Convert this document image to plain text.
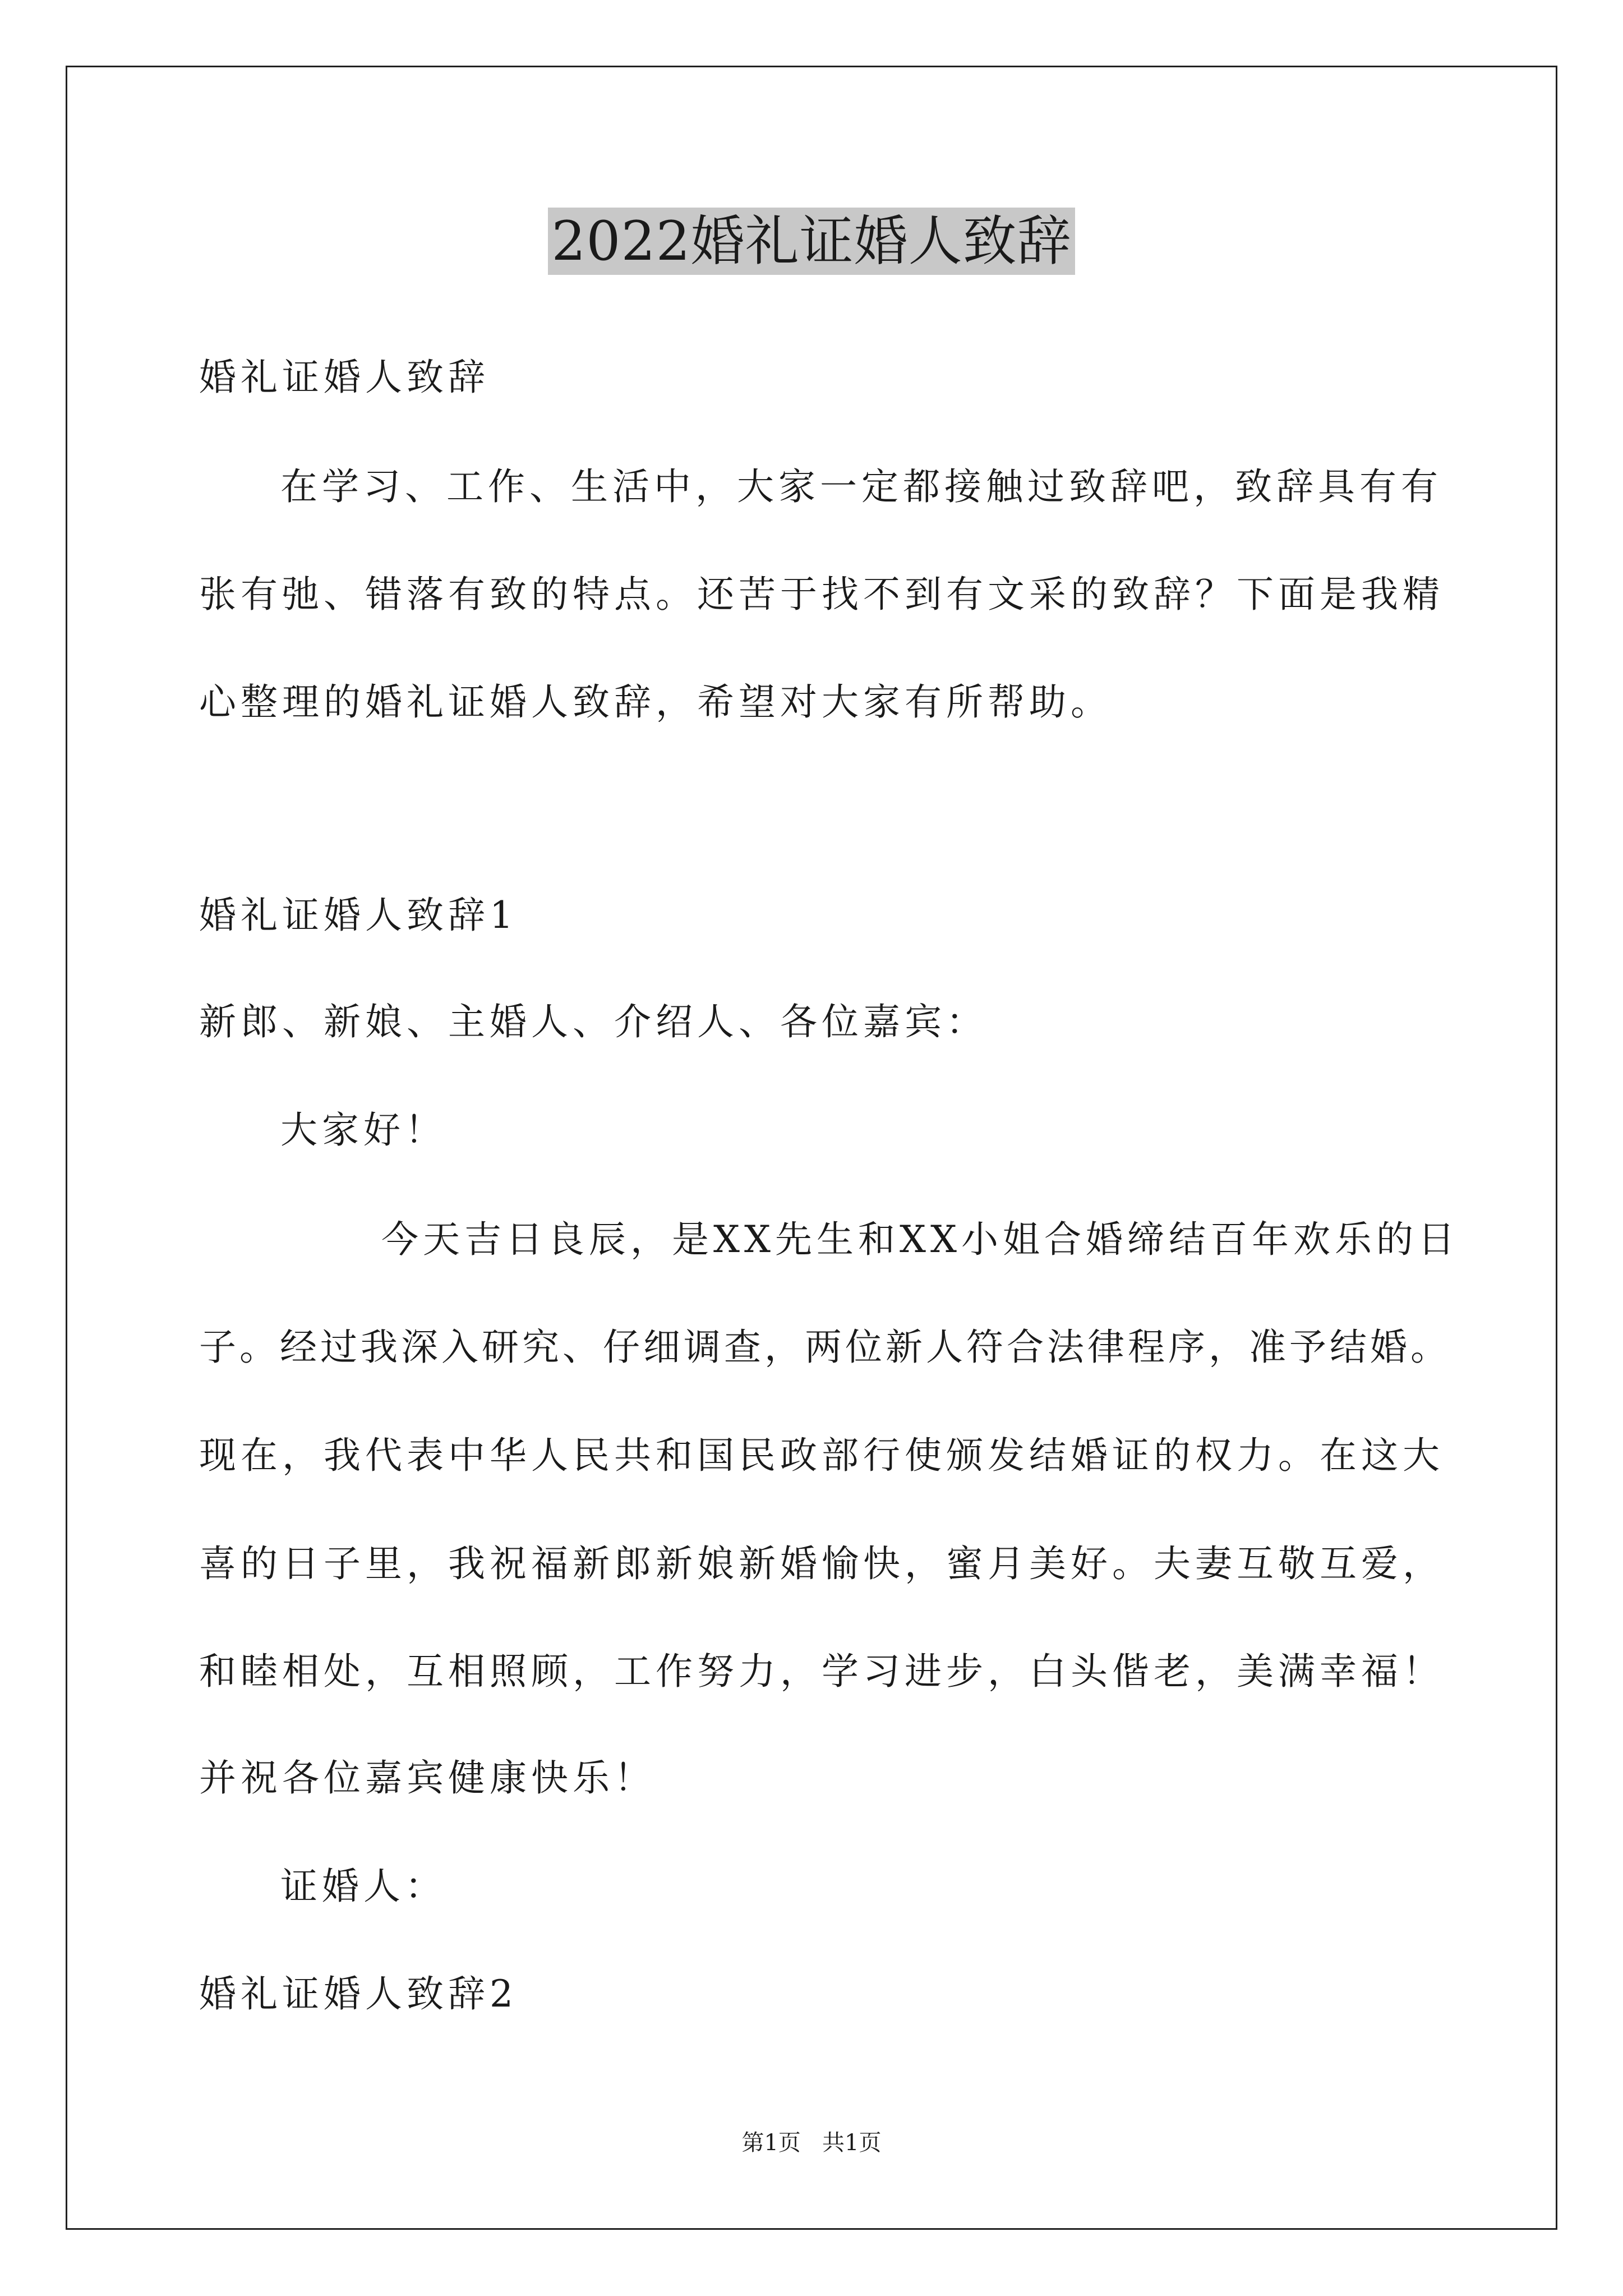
2022婚礼证婚人致辞
婚礼证婚人致辞
在学习、工作、生活中，大家一定都接触过致辞吧，致辞具有有
张有弛、错落有致的特点。还苦于找不到有文采的致辞？下面是我精
心整理的婚礼证婚人致辞，希望对大家有所帮助。
婚礼证婚人致辞1
新郎、新娘、主婚人、介绍人、各位嘉宾：
大家好！
今天吉日良辰，是XX先生和XX小姐合婚缔结百年欢乐的日
子。经过我深入研究、仔细调查，两位新人符合法律程序，准予结婚。
现在，我代表中华人民共和国民政部行使颁发结婚证的权力。在这大
喜的日子里，我祝福新郎新娘新婚愉快，蜜月美好。夫妻互敬互爱，
和睦相处，互相照顾，工作努力，学习进步，白头偕老，美满幸福！
并祝各位嘉宾健康快乐！
证婚人：
婚礼证婚人致辞2
第1页   共1页
